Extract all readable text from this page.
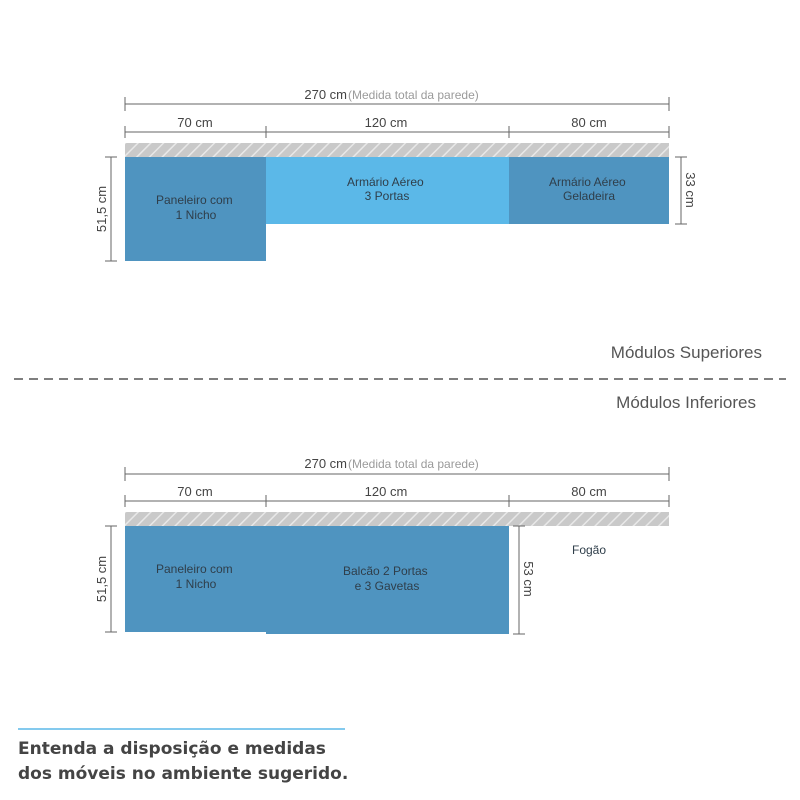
270 cm (Medida total da parede)
70 cm	120 cm	80 cm
Paneleiro com 1 Nicho
Armário Aéreo 3 Portas
Armário Aéreo Geladeira
51,5 cm	33 cm
Módulos Superiores
Módulos Inferiores
270 cm (Medida total da parede)
70 cm	120 cm	80 cm
Paneleiro com 1 Nicho
Balcão 2 Portas e 3 Gavetas
Fogão
51,5 cm	53 cm
Entenda a disposição e medidas dos móveis no ambiente sugerido.
